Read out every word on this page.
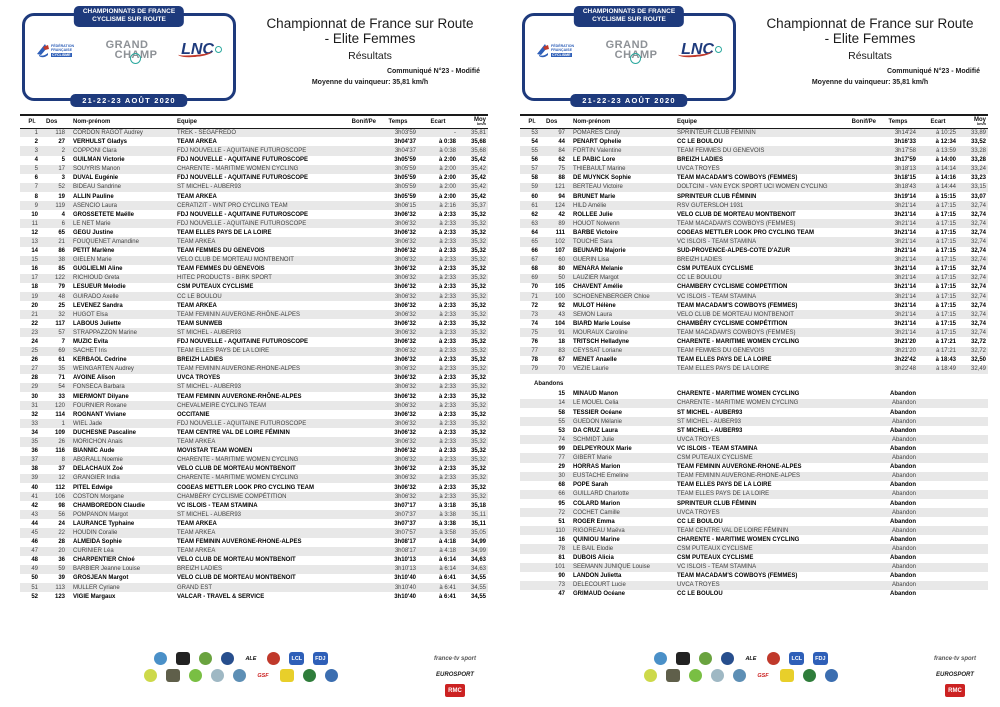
CHAMPIONNATS DE FRANCE
CYCLISME SUR ROUTE
FÉDÉRATION
FRANÇAISE
CYCLISME
GRAND
CHAMP LNC
21-22-23 AOÛT 2020
Championnat de France sur Route
- Elite Femmes
Résultats
Communiqué N°23 - Modifié
Moyenne du vainqueur: 35,81 km/h
Pl.	Dos	Nom-prénom	Equipe	Bonif/Pe	Temps	Ecart	Moy
km/h

1	118	CORDON RAGOT Audrey	TREK - SEGAFREDO		3h03'59	-	35,81
2	27	VERHULST Gladys	TEAM ARKEA		3h04'37	à 0:38	35,68
3	2	COPPONI Clara	FDJ NOUVELLE - AQUITAINE FUTUROSCOPE		3h04'37	à 0:38	35,68
4	5	GUILMAN Victorie	FDJ NOUVELLE - AQUITAINE FUTUROSCOPE		3h05'59	à 2:00	35,42
5	17	SOUYRIS Manon	CHARENTE - MARITIME WOMEN CYCLING		3h05'59	à 2:00	35,42
6	3	DUVAL Eugénie	FDJ NOUVELLE - AQUITAINE FUTUROSCOPE		3h05'59	à 2:00	35,42
7	52	BIDEAU Sandrine	ST MICHEL - AUBER93		3h05'59	à 2:00	35,42
8	19	ALLIN Pauline	TEAM ARKEA		3h05'59	à 2:00	35,42
9	119	ASENCIO Laura	CERATIZIT - WNT PRO CYCLING TEAM		3h06'15	à 2:16	35,37
10	4	GROSSETETE Maëlle	FDJ NOUVELLE - AQUITAINE FUTUROSCOPE		3h06'32	à 2:33	35,32
11	6	LE NET Marie	FDJ NOUVELLE - AQUITAINE FUTUROSCOPE		3h06'32	à 2:33	35,32
12	65	GEGU Justine	TEAM ELLES PAYS DE LA LOIRE		3h06'32	à 2:33	35,32
13	21	FOUQUENET Amandine	TEAM ARKEA		3h06'32	à 2:33	35,32
14	86	PETIT Marlène	TEAM FEMMES DU GENEVOIS		3h06'32	à 2:33	35,32
15	38	GIELEN Marie	VELO CLUB DE MORTEAU MONTBENOIT		3h06'32	à 2:33	35,32
16	85	GUGLIELMI Aline	TEAM FEMMES DU GENEVOIS		3h06'32	à 2:33	35,32
17	122	RICHIOUD Greta	HITEC PRODUCTS - BIRK SPORT		3h06'32	à 2:33	35,32
18	79	LESUEUR Melodie	CSM PUTEAUX CYCLISME		3h06'32	à 2:33	35,32
19	48	GUIRADO Axelle	CC LE BOULOU		3h06'32	à 2:33	35,32
20	25	LEVENEZ Sandra	TEAM ARKEA		3h06'32	à 2:33	35,32
21	32	HUGOT Elsa	TEAM FEMININ AUVERGNE-RHÔNE-ALPES		3h06'32	à 2:33	35,32
22	117	LABOUS Juliette	TEAM SUNWEB		3h06'32	à 2:33	35,32
23	57	STRAPPAZZON Marine	ST MICHEL - AUBER93		3h06'32	à 2:33	35,32
24	7	MUZIC Evita	FDJ NOUVELLE - AQUITAINE FUTUROSCOPE		3h06'32	à 2:33	35,32
25	69	SACHET Iris	TEAM ELLES PAYS DE LA LOIRE		3h06'32	à 2:33	35,32
26	61	KERBAOL Cedrine	BREIZH LADIES		3h06'32	à 2:33	35,32
27	35	WEINGARTEN Audrey	TEAM FEMININ AUVERGNE-RHÔNE-ALPES		3h06'32	à 2:33	35,32
28	71	AVOINE Alison	UVCA TROYES		3h06'32	à 2:33	35,32
29	54	FONSECA Barbara	ST MICHEL - AUBER93		3h06'32	à 2:33	35,32
30	33	MIERMONT Dilyane	TEAM FEMININ AUVERGNE-RHÔNE-ALPES		3h06'32	à 2:33	35,32
31	120	FOURNIER Roxane	CHEVALMEIRE CYCLING TEAM		3h06'32	à 2:33	35,32
32	114	ROGNANT Viviane	OCCITANIE		3h06'32	à 2:33	35,32
33	1	WIEL Jade	FDJ NOUVELLE - AQUITAINE FUTUROSCOPE		3h06'32	à 2:33	35,32
34	109	DUCHESNE Pascaline	TEAM CENTRE VAL DE LOIRE FÉMININ		3h06'32	à 2:33	35,32
35	26	MORICHON Anais	TEAM ARKEA		3h06'32	à 2:33	35,32
36	116	BIANNIC Aude	MOVISTAR TEAM WOMEN		3h06'32	à 2:33	35,32
37	8	ABGRALL Noemie	CHARENTE - MARITIME WOMEN CYCLING		3h06'32	à 2:33	35,32
38	37	DELACHAUX Zoé	VELO CLUB DE MORTEAU MONTBENOIT		3h06'32	à 2:33	35,32
39	12	GRANGIER India	CHARENTE - MARITIME WOMEN CYCLING		3h06'32	à 2:33	35,32
40	112	PITEL Edwige	COGEAS METTLER LOOK PRO CYCLING TEAM		3h06'32	à 2:33	35,32
41	106	COSTON Morgane	CHAMBÉRY CYCLISME COMPÉTITION		3h06'32	à 2:33	35,32
42	98	CHAMBOREDON Claudie	VC ISLOIS - TEAM STAMINA		3h07'17	à 3:18	35,18
43	56	POMPANON Margot	ST MICHEL - AUBER93		3h07'37	à 3:38	35,11
44	24	LAURANCE Typhaine	TEAM ARKEA		3h07'37	à 3:38	35,11
45	22	HOUDIN Coralie	TEAM ARKEA		3h07'57	à 3:58	35,05
46	28	ALMEIDA Sophie	TEAM FEMININ AUVERGNE-RHÔNE-ALPES		3h08'17	à 4:18	34,99
47	20	CURINIER Léa	TEAM ARKEA		3h08'17	à 4:18	34,99
48	36	CHARPENTIER Chloé	VELO CLUB DE MORTEAU MONTBENOIT		3h10'13	à 6:14	34,63
49	59	BARBIER Jeanne Louise	BREIZH LADIES		3h10'13	à 6:14	34,63
50	39	GROSJEAN Margot	VELO CLUB DE MORTEAU MONTBENOIT		3h10'40	à 6:41	34,55
51	113	MULLER Cyriane	GRAND EST		3h10'40	à 6:41	34,55
52	123	VIGIE Margaux	VALCAR - TRAVEL & SERVICE		3h10'40	à 6:41	34,55
ALE	LCL	FDJ
GSF
france·tv sport
EUROSPORT
RMC
CHAMPIONNATS DE FRANCE
CYCLISME SUR ROUTE
FÉDÉRATION
FRANÇAISE
CYCLISME
GRAND
CHAMP LNC
21-22-23 AOÛT 2020
Championnat de France sur Route
- Elite Femmes
Résultats
Communiqué N°23 - Modifié
Moyenne du vainqueur: 35,81 km/h
Pl.	Dos	Nom-prénom	Equipe	Bonif/Pe	Temps	Ecart	Moy
km/h

53	97	POMARES Cindy	SPRINTEUR CLUB FÉMININ		3h14'24	à 10:25	33,89
54	44	PENART Ophelie	CC LE BOULOU		3h16'33	à 12:34	33,52
55	84	FORTIN Valentine	TEAM FEMMES DU GENEVOIS		3h17'58	à 13:59	33,28
56	62	LE PABIC Lore	BREIZH LADIES		3h17'59	à 14:00	33,28
57	75	THIEBAULT Marine	UVCA TROYES		3h18'13	à 14:14	33,24
58	88	DE MUYNCK Sophie	TEAM MACADAM'S COWBOYS (FEMMES)		3h18'15	à 14:16	33,23
59	121	BERTEAU Victoire	DOLTCINI - VAN EYCK SPORT UCI WOMEN CYCLING		3h18'43	à 14:44	33,15
60	94	BRUNET Marie	SPRINTEUR CLUB FÉMININ		3h19'14	à 15:15	33,07
61	124	HILD Amélie	RSV GUTERSLOH 1931		3h21'14	à 17:15	32,74
62	42	ROLLEE Julie	VELO CLUB DE MORTEAU MONTBENOIT		3h21'14	à 17:15	32,74
63	89	HOUOT Nolwenn	TEAM MACADAM'S COWBOYS (FEMMES)		3h21'14	à 17:15	32,74
64	111	BARBE Victoire	COGEAS METTLER LOOK PRO CYCLING TEAM		3h21'14	à 17:15	32,74
65	102	TOUCHE Sara	VC ISLOIS - TEAM STAMINA		3h21'14	à 17:15	32,74
66	107	BEUNARD Majorie	SUD-PROVENCE-ALPES-CÔTE D'AZUR		3h21'14	à 17:15	32,74
67	60	GUERIN Lisa	BREIZH LADIES		3h21'14	à 17:15	32,74
68	80	MENARA Melanie	CSM PUTEAUX CYCLISME		3h21'14	à 17:15	32,74
69	50	LAUZIER Margot	CC LE BOULOU		3h21'14	à 17:15	32,74
70	105	CHAVENT Amélie	CHAMBÉRY CYCLISME COMPÉTITION		3h21'14	à 17:15	32,74
71	100	SCHOENENBERGER Chloe	VC ISLOIS - TEAM STAMINA		3h21'14	à 17:15	32,74
72	92	MULOT Hélène	TEAM MACADAM'S COWBOYS (FEMMES)		3h21'14	à 17:15	32,74
73	43	SEMON Laura	VELO CLUB DE MORTEAU MONTBENOIT		3h21'14	à 17:15	32,74
74	104	BIARD Marie Louise	CHAMBÉRY CYCLISME COMPÉTITION		3h21'14	à 17:15	32,74
75	91	MOURAUX Caroline	TEAM MACADAM'S COWBOYS (FEMMES)		3h21'14	à 17:15	32,74
76	18	TRITSCH Helladyne	CHARENTE - MARITIME WOMEN CYCLING		3h21'20	à 17:21	32,72
77	83	CEYSSAT Loriane	TEAM FEMMES DU GENEVOIS		3h21'20	à 17:21	32,72
78	67	MENET Anaelle	TEAM ELLES PAYS DE LA LOIRE		3h22'42	à 18:43	32,50
79	70	VEZIE Laurie	TEAM ELLES PAYS DE LA LOIRE		3h22'48	à 18:49	32,49
Abandons
	15	MINAUD Manon	CHARENTE - MARITIME WOMEN CYCLING		Abandon		
	14	LE MOUEL Celia	CHARENTE - MARITIME WOMEN CYCLING		Abandon		
	58	TESSIER Océane	ST MICHEL - AUBER93		Abandon		
	55	GUEDON Mélanie	ST MICHEL - AUBER93		Abandon		
	53	DA CRUZ Laura	ST MICHEL - AUBER93		Abandon		
	74	SCHMIDT Julie	UVCA TROYES		Abandon		
	99	DELPEYROUX Marie	VC ISLOIS - TEAM STAMINA		Abandon		
	77	GIBERT Marie	CSM PUTEAUX CYCLISME		Abandon		
	29	HORRAS Marion	TEAM FEMININ AUVERGNE-RHÔNE-ALPES		Abandon		
	30	EUSTACHE Emeline	TEAM FEMININ AUVERGNE-RHÔNE-ALPES		Abandon		
	68	POPE Sarah	TEAM ELLES PAYS DE LA LOIRE		Abandon		
	66	GUILLARD Charlotte	TEAM ELLES PAYS DE LA LOIRE		Abandon		
	95	COLARD Marion	SPRINTEUR CLUB FÉMININ		Abandon		
	72	COCHET Camille	UVCA TROYES		Abandon		
	51	ROGER Emma	CC LE BOULOU		Abandon		
	110	RIGOREAU Maëva	TEAM CENTRE VAL DE LOIRE FÉMININ		Abandon		
	16	QUINIOU Marine	CHARENTE - MARITIME WOMEN CYCLING		Abandon		
	78	LE BAIL Elodie	CSM PUTEAUX CYCLISME		Abandon		
	81	DUBOIS Alicia	CSM PUTEAUX CYCLISME		Abandon		
	101	SEEMANN JUNIQUE Louise	VC ISLOIS - TEAM STAMINA		Abandon		
	90	LANDON Julietta	TEAM MACADAM'S COWBOYS (FEMMES)		Abandon		
	73	DELECOURT Lucie	UVCA TROYES		Abandon		
	47	GRIMAUD Océane	CC LE BOULOU		Abandon		
ALE	LCL	FDJ
GSF
france·tv sport
EUROSPORT
RMC
